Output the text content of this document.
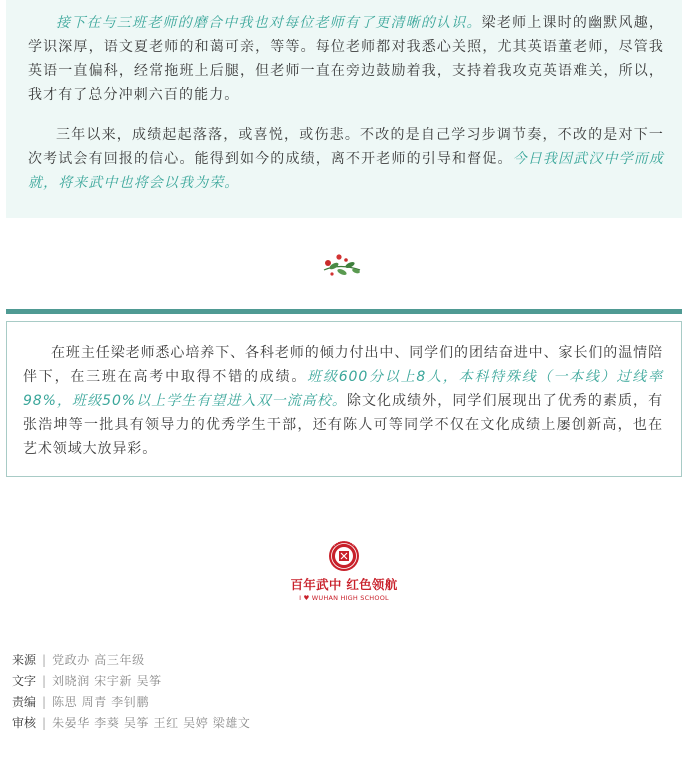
接下在与三班老师的磨合中我也对每位老师有了更清晰的认识。梁老师上课时的幽默风趣，学识深厚，语文夏老师的和蔼可亲，等等。每位老师都对我悉心关照，尤其英语董老师，尽管我英语一直偏科，经常拖班上后腿，但老师一直在旁边鼓励着我，支持着我攻克英语难关，所以，我才有了总分冲刺六百的能力。

三年以来，成绩起起落落，或喜悦，或伤悲。不改的是自己学习步调节奏，不改的是对下一次考试会有回报的信心。能得到如今的成绩，离不开老师的引导和督促。今日我因武汉中学而成就，将来武中也将会以我为荣。

在班主任梁老师悉心培养下、各科老师的倾力付出中、同学们的团结奋进中、家长们的温情陪伴下，在三班在高考中取得不错的成绩。班级600分以上8人，本科特殊线（一本线）过线率98%，班级50%以上学生有望进入双一流高校。除文化成绩外，同学们展现出了优秀的素质，有张浩坤等一批具有领导力的优秀学生干部，还有陈人可等同学不仅在文化成绩上屡创新高，也在艺术领域大放异彩。

百年武中 红色领航
I ♥ WUHAN HIGH SCHOOL
来源 | 党政办 高三年级
文字 | 刘晓润 宋宇新 吴筝
责编 | 陈思 周青 李钊鹏
审核 | 朱晏华 李葵 吴筝 王红 吴婷 梁雄文
